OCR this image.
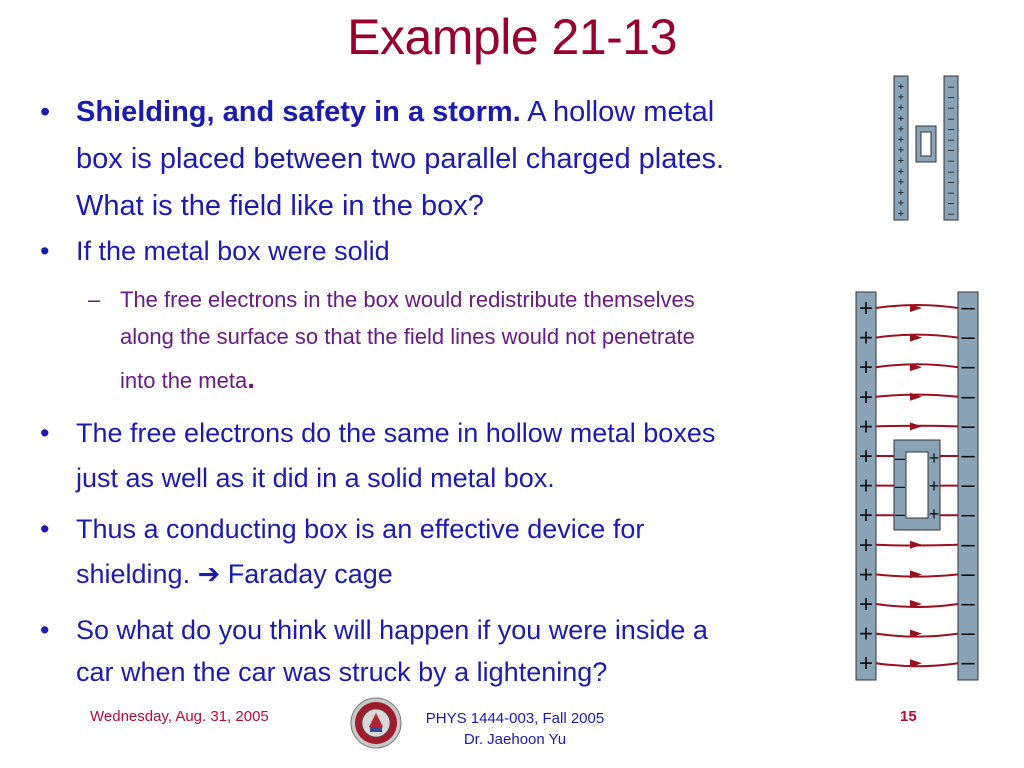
Example 21-13
• Shielding, and safety in a storm. A hollow metal
box is placed between two parallel charged plates.
What is the field like in the box?
• If the metal box were solid
– The free electrons in the box would redistribute themselves
along the surface so that the field lines would not penetrate
into the meta.
• The free electrons do the same in hollow metal boxes
just as well as it did in a solid metal box.
• Thus a conducting box is an effective device for
shielding. ➔ Faraday cage
• So what do you think will happen if you were inside a
car when the car was struck by a lightening?
+
+
+
+
+
+
+
+
+
+
+
+
+
–
–
–
–
–
–
–
–
–
–
–
–
–
+
+
+
+
+
+
+
+
+
+
+
+
+
–
–
–
–
–
–
–
–
–
–
–
–
–
– +
– +
– +
Wednesday, Aug. 31, 2005	PHYS 1444-003, Fall 2005
Dr. Jaehoon Yu
15
